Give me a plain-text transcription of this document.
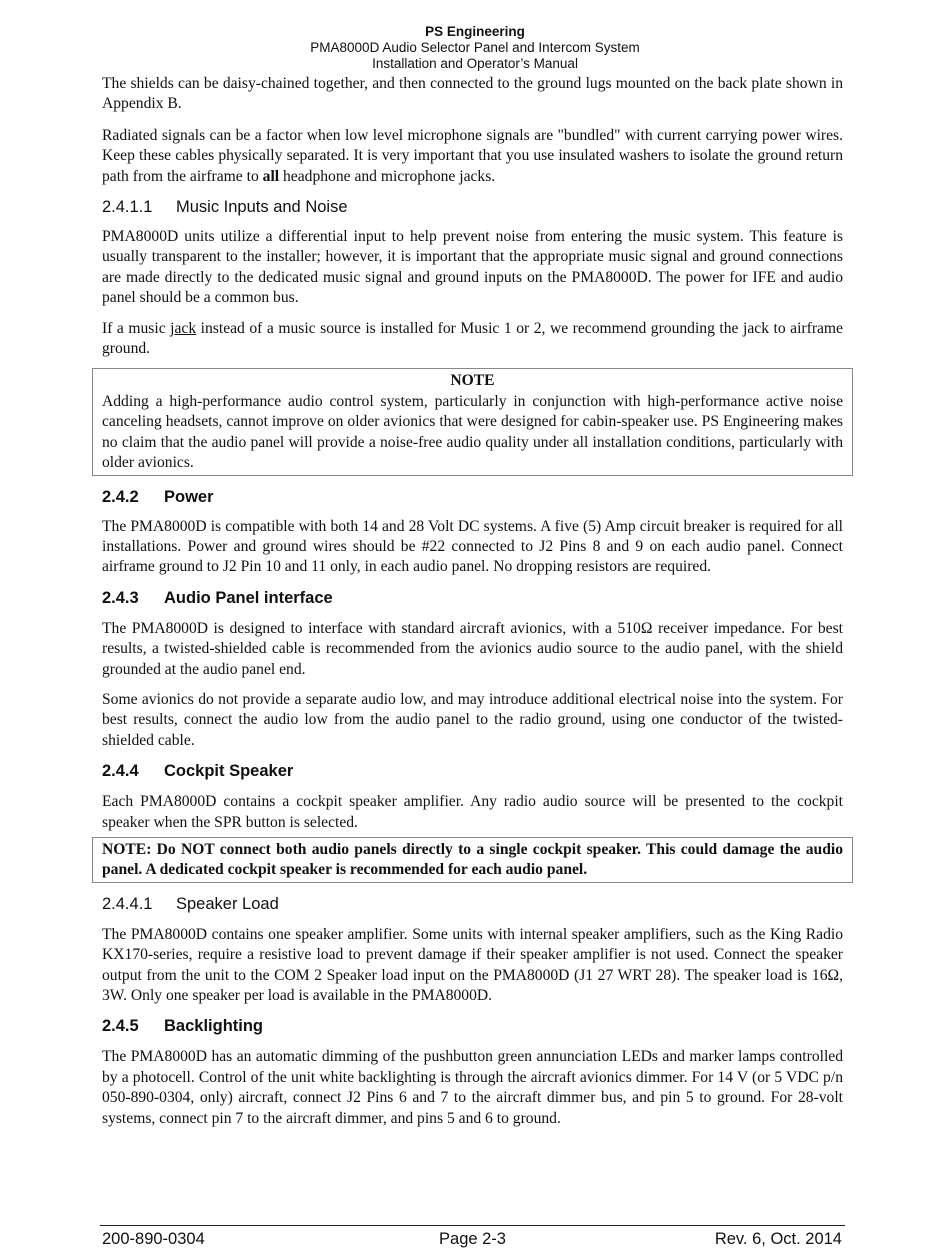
PS Engineering
PMA8000D Audio Selector Panel and Intercom System
Installation and Operator’s Manual

The shields can be daisy-chained together, and then connected to the ground lugs mounted on the back plate shown in Appendix B.

Radiated signals can be a factor when low level microphone signals are "bundled" with current carrying power wires. Keep these cables physically separated. It is very important that you use insulated washers to isolate the ground return path from the airframe to all headphone and microphone jacks.

2.4.1.1 Music Inputs and Noise

PMA8000D units utilize a differential input to help prevent noise from entering the music system. This feature is usually transparent to the installer; however, it is important that the appropriate music signal and ground connections are made directly to the dedicated music signal and ground inputs on the PMA8000D. The power for IFE and audio panel should be a common bus.

If a music jack instead of a music source is installed for Music 1 or 2, we recommend grounding the jack to airframe ground.

NOTE

Adding a high-performance audio control system, particularly in conjunction with high-performance active noise canceling headsets, cannot improve on older avionics that were designed for cabin-speaker use. PS Engineering makes no claim that the audio panel will provide a noise-free audio quality under all installation conditions, particularly with older avionics.

2.4.2 Power

The PMA8000D is compatible with both 14 and 28 Volt DC systems. A five (5) Amp circuit breaker is required for all installations. Power and ground wires should be #22 connected to J2 Pins 8 and 9 on each audio panel. Connect airframe ground to J2 Pin 10 and 11 only, in each audio panel. No dropping resistors are required.

2.4.3 Audio Panel interface

The PMA8000D is designed to interface with standard aircraft avionics, with a 510Ω receiver impedance. For best results, a twisted-shielded cable is recommended from the avionics audio source to the audio panel, with the shield grounded at the audio panel end.

Some avionics do not provide a separate audio low, and may introduce additional electrical noise into the system. For best results, connect the audio low from the audio panel to the radio ground, using one conductor of the twisted-shielded cable.

2.4.4 Cockpit Speaker

Each PMA8000D contains a cockpit speaker amplifier. Any radio audio source will be presented to the cockpit speaker when the SPR button is selected.

NOTE: Do NOT connect both audio panels directly to a single cockpit speaker. This could damage the audio panel. A dedicated cockpit speaker is recommended for each audio panel.

2.4.4.1 Speaker Load

The PMA8000D contains one speaker amplifier. Some units with internal speaker amplifiers, such as the King Radio KX170-series, require a resistive load to prevent damage if their speaker amplifier is not used. Connect the speaker output from the unit to the COM 2 Speaker load input on the PMA8000D (J1 27 WRT 28). The speaker load is 16Ω, 3W. Only one speaker per load is available in the PMA8000D.

2.4.5 Backlighting

The PMA8000D has an automatic dimming of the pushbutton green annunciation LEDs and marker lamps controlled by a photocell. Control of the unit white backlighting is through the aircraft avionics dimmer. For 14 V (or 5 VDC p/n 050-890-0304, only) aircraft, connect J2 Pins 6 and 7 to the aircraft dimmer bus, and pin 5 to ground. For 28-volt systems, connect pin 7 to the aircraft dimmer, and pins 5 and 6 to ground.

200-890-0304	Page 2-3	Rev. 6, Oct. 2014
